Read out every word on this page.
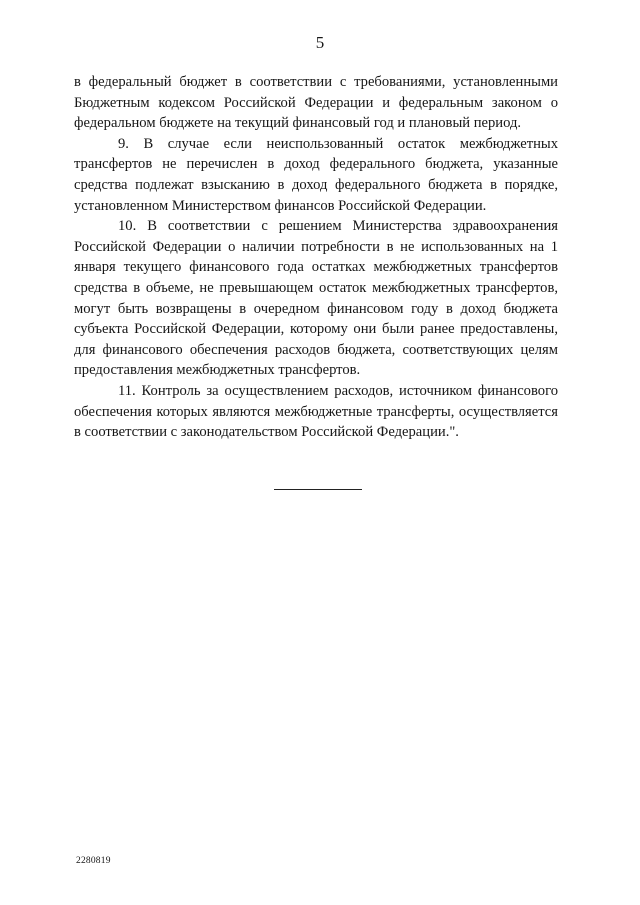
5

в федеральный бюджет в соответствии с требованиями, установленными Бюджетным кодексом Российской Федерации и федеральным законом о федеральном бюджете на текущий финансовый год и плановый период.

9. В случае если неиспользованный остаток межбюджетных трансфертов не перечислен в доход федерального бюджета, указанные средства подлежат взысканию в доход федерального бюджета в порядке, установленном Министерством финансов Российской Федерации.

10. В соответствии с решением Министерства здравоохранения Российской Федерации о наличии потребности в не использованных на 1 января текущего финансового года остатках межбюджетных трансфертов средства в объеме, не превышающем остаток межбюджетных трансфертов, могут быть возвращены в очередном финансовом году в доход бюджета субъекта Российской Федерации, которому они были ранее предоставлены, для финансового обеспечения расходов бюджета, соответствующих целям предоставления межбюджетных трансфертов.

11. Контроль за осуществлением расходов, источником финансового обеспечения которых являются межбюджетные трансферты, осуществляется в соответствии с законодательством Российской Федерации.".

2280819
